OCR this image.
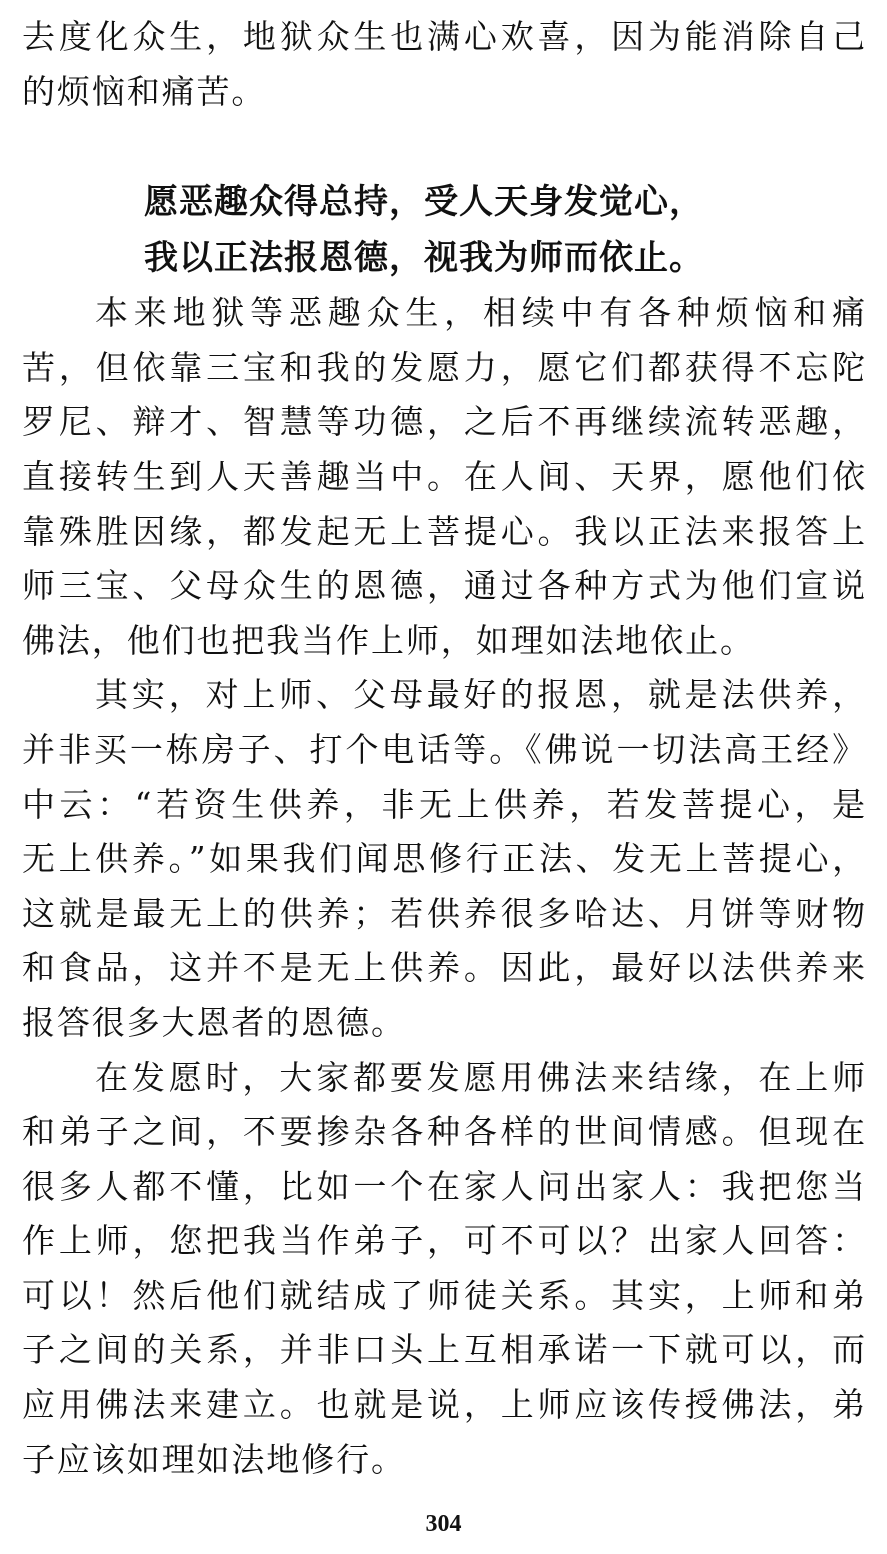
去度化众生，地狱众生也满心欢喜，因为能消除自己
的烦恼和痛苦。
愿恶趣众得总持，受人天身发觉心，
我以正法报恩德，视我为师而依止。
本来地狱等恶趣众生，相续中有各种烦恼和痛
苦，但依靠三宝和我的发愿力，愿它们都获得不忘陀
罗尼、辩才、智慧等功德，之后不再继续流转恶趣，
直接转生到人天善趣当中。在人间、天界，愿他们依
靠殊胜因缘，都发起无上菩提心。我以正法来报答上
师三宝、父母众生的恩德，通过各种方式为他们宣说
佛法，他们也把我当作上师，如理如法地依止。
其实，对上师、父母最好的报恩，就是法供养，
并非买一栋房子、打个电话等。《佛说一切法高王经》
中云：“若资生供养，非无上供养，若发菩提心，是
无上供养。”如果我们闻思修行正法、发无上菩提心，
这就是最无上的供养；若供养很多哈达、月饼等财物
和食品，这并不是无上供养。因此，最好以法供养来
报答很多大恩者的恩德。
在发愿时，大家都要发愿用佛法来结缘，在上师
和弟子之间，不要掺杂各种各样的世间情感。但现在
很多人都不懂，比如一个在家人问出家人：我把您当
作上师，您把我当作弟子，可不可以？出家人回答：
可以！然后他们就结成了师徒关系。其实，上师和弟
子之间的关系，并非口头上互相承诺一下就可以，而
应用佛法来建立。也就是说，上师应该传授佛法，弟
子应该如理如法地修行。
304
